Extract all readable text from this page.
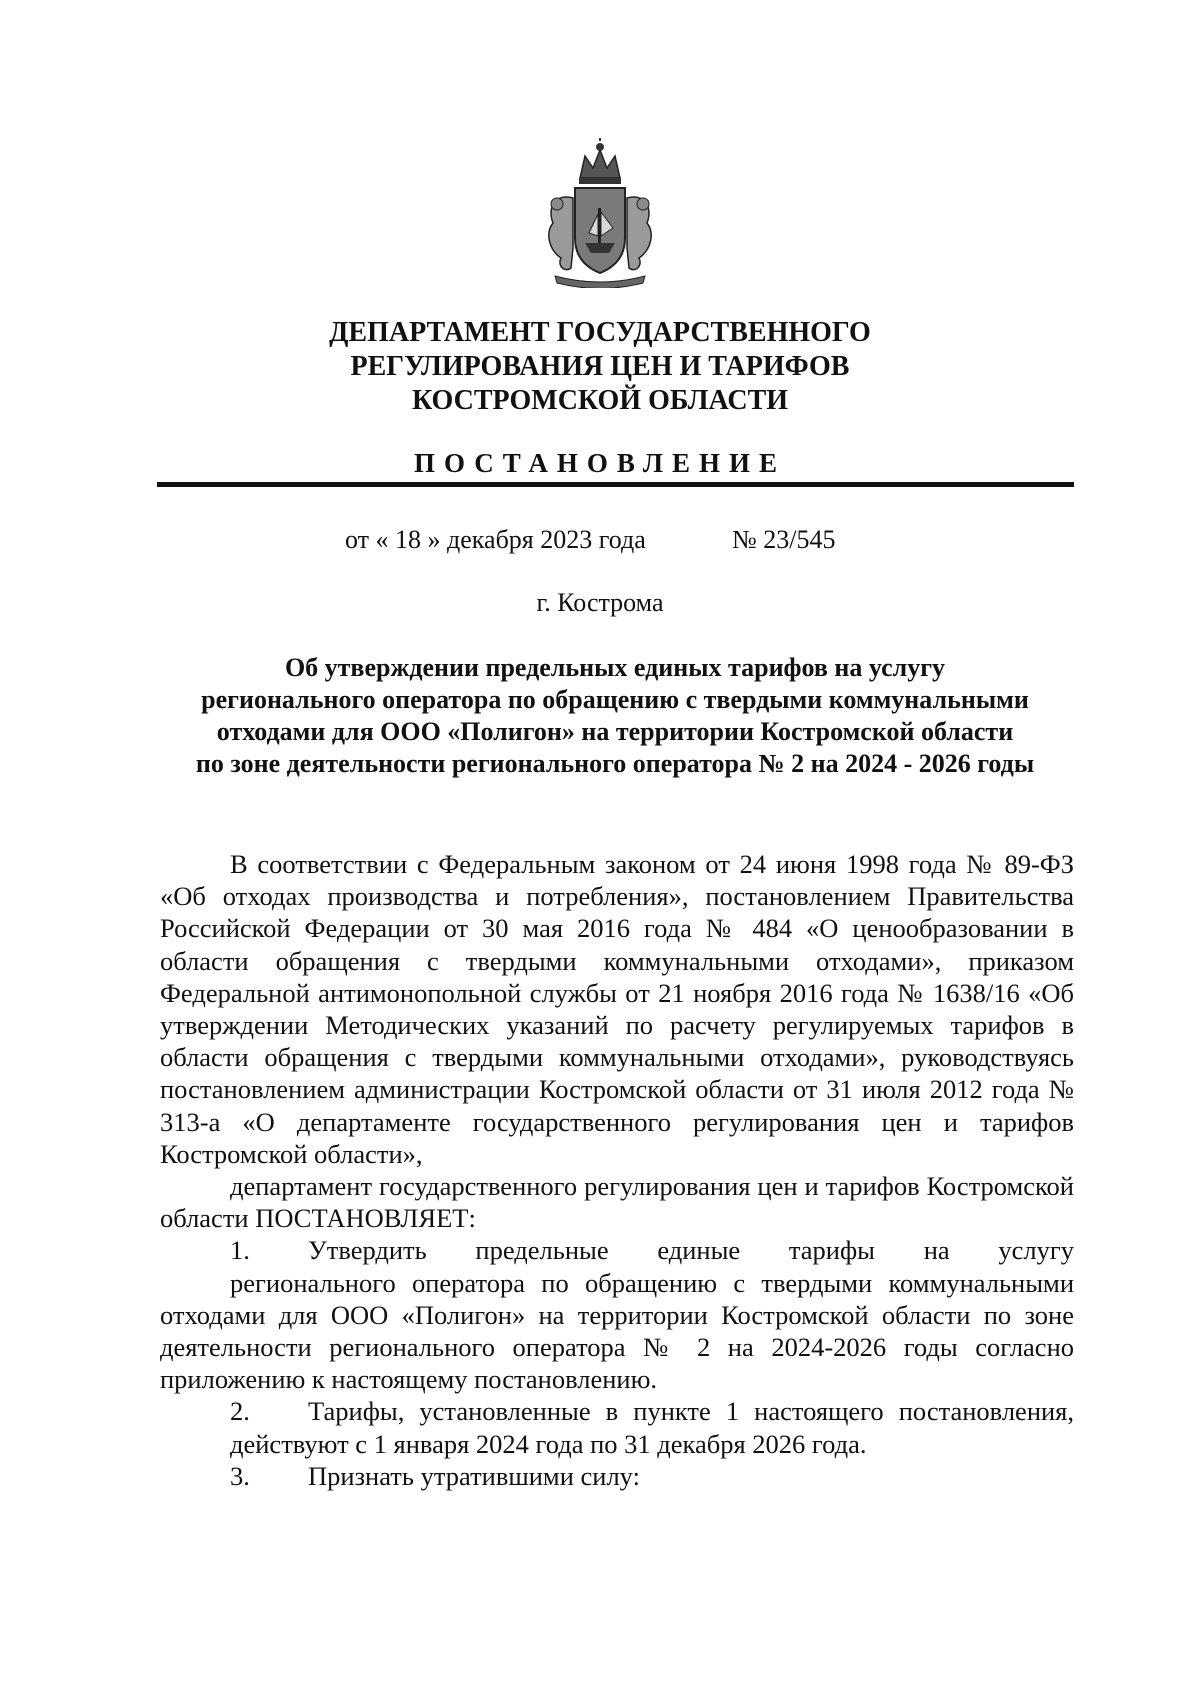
ДЕПАРТАМЕНТ ГОСУДАРСТВЕННОГО
РЕГУЛИРОВАНИЯ ЦЕН И ТАРИФОВ
КОСТРОМСКОЙ ОБЛАСТИ
ПОСТАНОВЛЕНИЕ
от « 18 » декабря 2023 года	№ 23/545
г. Кострома
Об утверждении предельных единых тарифов на услугу
регионального оператора по обращению с твердыми коммунальными
отходами для ООО «Полигон» на территории Костромской области
по зоне деятельности регионального оператора № 2 на 2024 - 2026 годы

В соответствии с Федеральным законом от 24 июня 1998 года № 89-ФЗ «Об отходах производства и потребления», постановлением Правительства Российской Федерации от 30 мая 2016 года № 484 «О ценообразовании в области обращения с твердыми коммунальными отходами», приказом Федеральной антимонопольной службы от 21 ноября 2016 года № 1638/16 «Об утверждении Методических указаний по расчету регулируемых тарифов в области обращения с твердыми коммунальными отходами», руководствуясь постановлением администрации Костромской области от 31 июля 2012 года № 313-а «О департаменте государственного регулирования цен и тарифов Костромской области»,

департамент государственного регулирования цен и тарифов Костромской области ПОСТАНОВЛЯЕТ:

1.	Утвердить предельные единые тарифы на услугу

регионального оператора по обращению с твердыми коммунальными отходами для ООО «Полигон» на территории Костромской области по зоне деятельности регионального оператора № 2 на 2024-2026 годы согласно приложению к настоящему постановлению.

2.	Тарифы, установленные в пункте 1 настоящего постановления,

действуют с 1 января 2024 года по 31 декабря 2026 года.

3.	Признать утратившими силу:
